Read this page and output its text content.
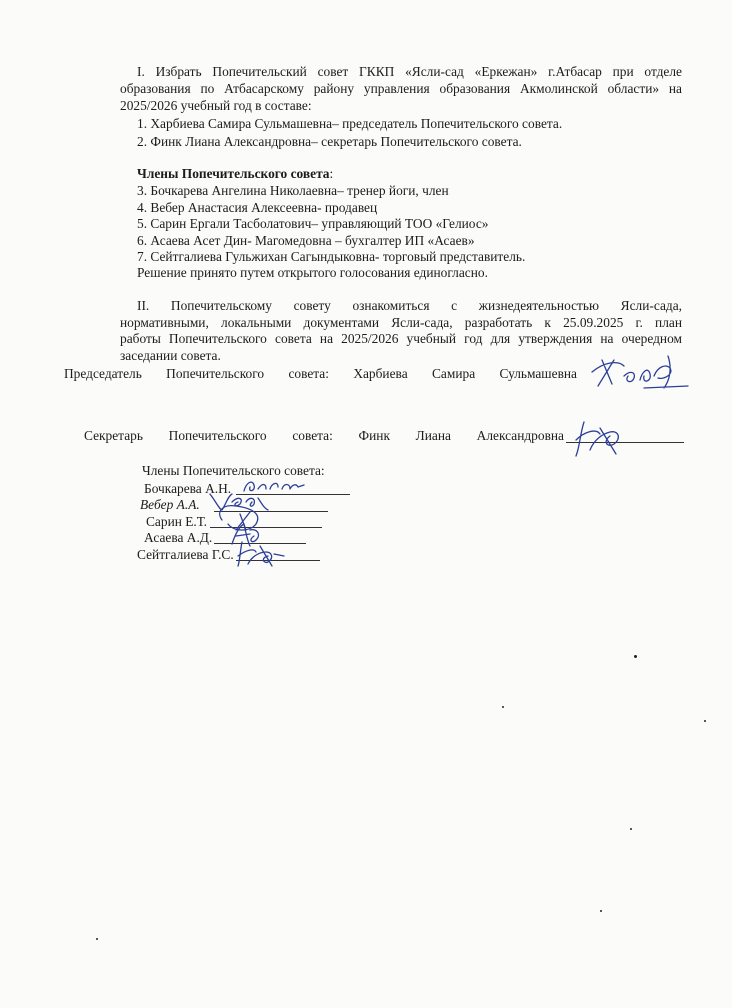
I. Избрать Попечительский совет ГККП «Ясли-сад «Еркежан» г.Атбасар при отделе
образования по Атбасарскому району управления образования Акмолинской области» на
2025/2026 учебный год в составе:
1. Харбиева Самира Сульмашевна– председатель Попечительского совета.
2. Финк Лиана Александровна– секретарь Попечительского совета.
Члены Попечительского совета:
3. Бочкарева Ангелина Николаевна– тренер йоги, член
4. Вебер Анастасия Алексеевна- продавец
5. Сарин Ергали Тасболатович– управляющий ТОО «Гелиос»
6. Асаева Асет Дин- Магомедовна – бухгалтер ИП «Асаев»
7. Сейтгалиева Гульжихан Сагындыковна- торговый представитель.
Решение принято путем открытого голосования единогласно.
II. Попечительскому совету ознакомиться с жизнедеятельностью Ясли-сада,
нормативными, локальными документами Ясли-сада, разработать к 25.09.2025 г. план
работы Попечительского совета на 2025/2026 учебный год для утверждения на очередном
заседании совета.
Председатель Попечительского совета: Харбиева Самира Сульмашевна
Секретарь Попечительского совета: Финк Лиана Александровна
Члены Попечительского совета:
Бочкарева А.Н.
Вебер А.А.
Сарин Е.Т.
Асаева А.Д.
Сейтгалиева Г.С.
